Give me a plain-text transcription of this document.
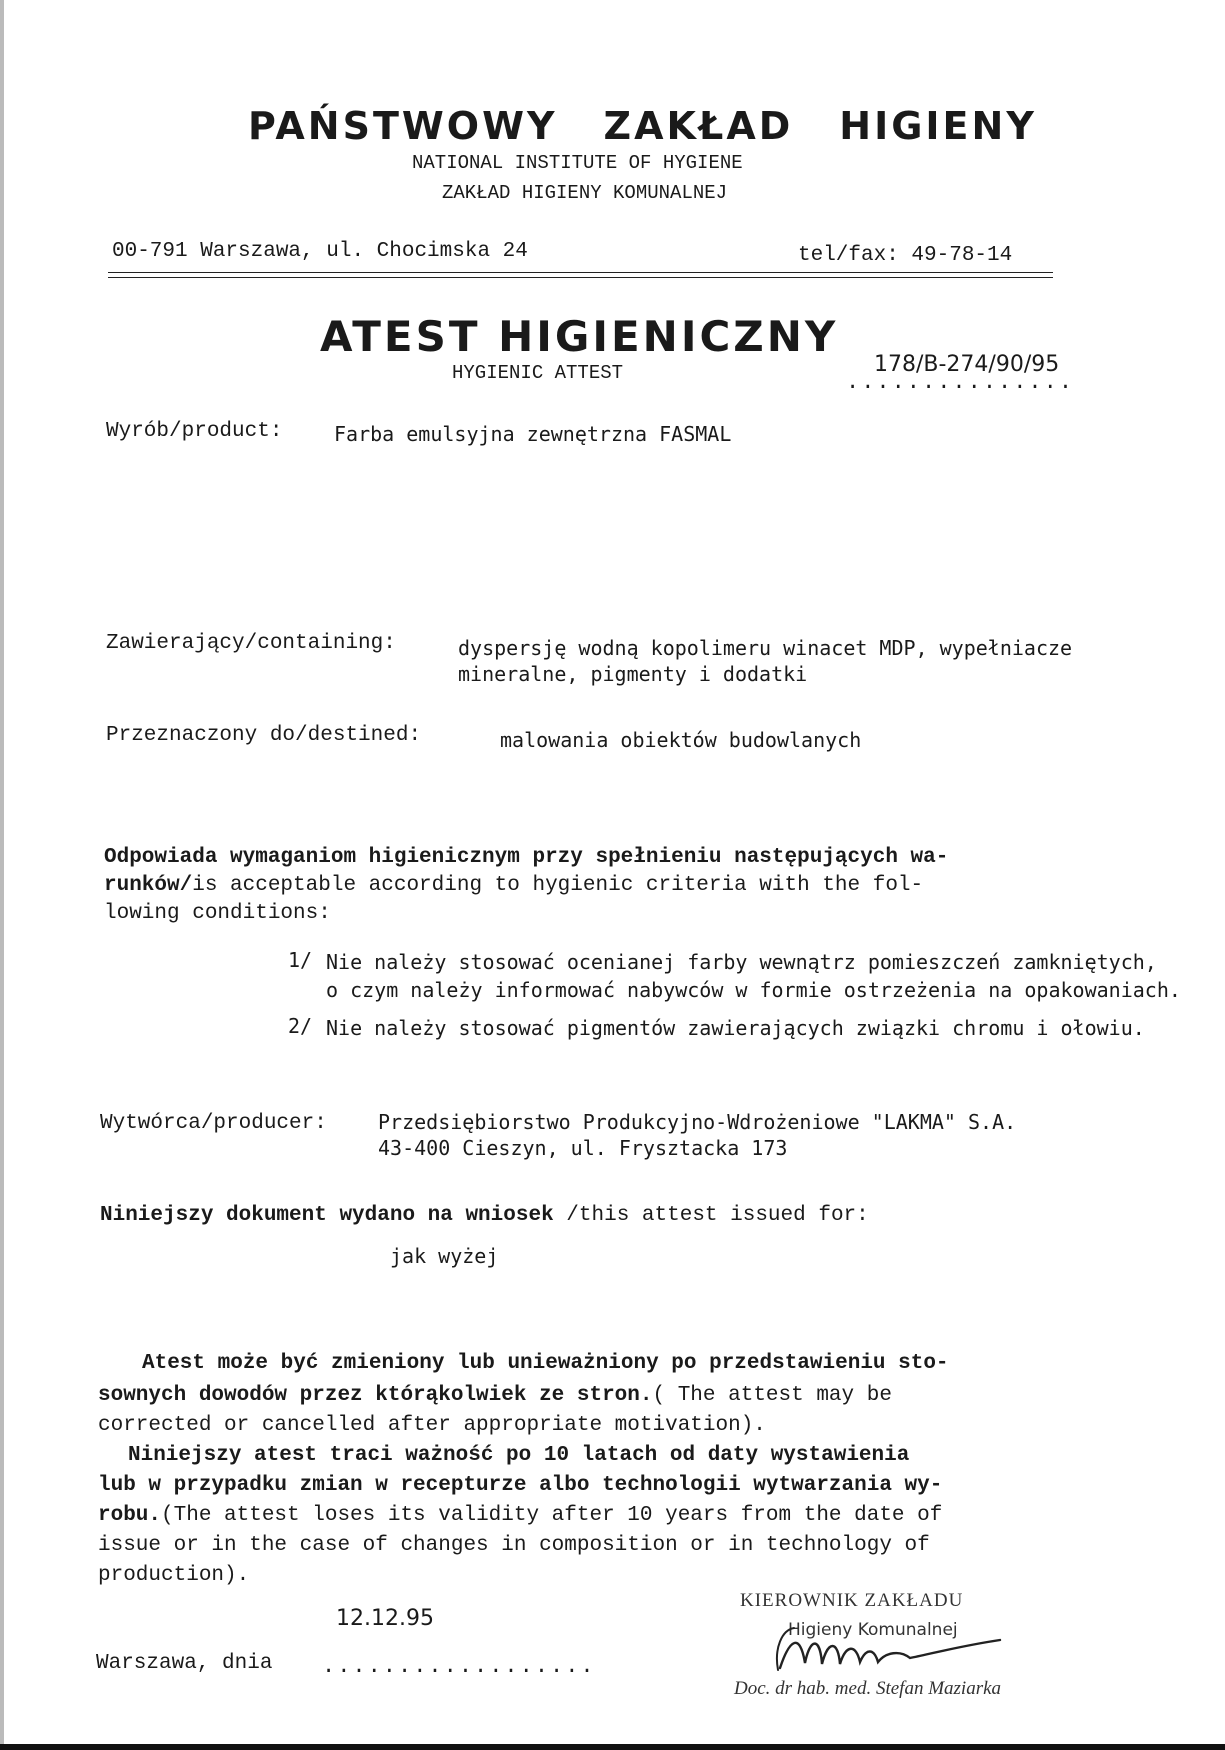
PAŃSTWOWY ZAKŁAD HIGIENY
NATIONAL INSTITUTE OF HYGIENE
ZAKŁAD HIGIENY KOMUNALNEJ
00-791 Warszawa, ul. Chocimska 24	tel/fax: 49-78-14
ATEST HIGIENICZNY
HYGIENIC ATTEST	178/B-274/90/95
...............
Wyrób/product:	Farba emulsyjna zewnętrzna FASMAL
Zawierający/containing:	dyspersję wodną kopolimeru winacet MDP, wypełniacze
mineralne, pigmenty i dodatki
Przeznaczony do/destined:	malowania obiektów budowlanych
Odpowiada wymaganiom higienicznym przy spełnieniu następujących wa-
runków/is acceptable according to hygienic criteria with the fol-
lowing conditions:
1/ Nie należy stosować ocenianej farby wewnątrz pomieszczeń zamkniętych,
o czym należy informować nabywców w formie ostrzeżenia na opakowaniach.
2/ Nie należy stosować pigmentów zawierających związki chromu i ołowiu.
Wytwórca/producer:	Przedsiębiorstwo Produkcyjno-Wdrożeniowe "LAKMA" S.A.
43-400 Cieszyn, ul. Frysztacka 173
Niniejszy dokument wydano na wniosek /this attest issued for:
jak wyżej
Atest może być zmieniony lub unieważniony po przedstawieniu sto-
sownych dowodów przez którąkolwiek ze stron.( The attest may be
corrected or cancelled after appropriate motivation).
Niniejszy atest traci ważność po 10 latach od daty wystawienia
lub w przypadku zmian w recepturze albo technologii wytwarzania wy-
robu.(The attest loses its validity after 10 years from the date of
issue or in the case of changes in composition or in technology of
production).
12.12.95
Warszawa, dnia ..................
KIEROWNIK ZAKŁADU
Higieny Komunalnej
Doc. dr hab. med. Stefan Maziarka
